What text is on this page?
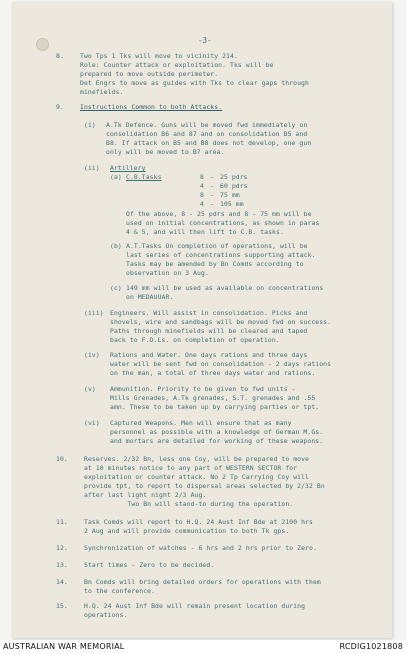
-3-
8.	Two Tps 1 Tks will move to vicinity 214.
Role: Counter attack or exploitation. Tks will be
prepared to move outside perimeter.
Det Engrs to move as guides with Tks to clear gaps through
minefields.
9.	Instructions Common to both Attacks.
(i) A.Tk Defence. Guns will be moved fwd immediately on
consolidation B6 and 87 and on consolidation B5 and
B8. If attack on B5 and B8 does not develop, one gun
only will be moved to B7 area.
(ii) Artillery
(a) C.B.Tasks	8 - 25 pdrs
4 - 60 pdrs
8 - 75 mm
4 - 105 mm
Of the above, 8 - 25 pdrs and 8 - 75 mm will be
used on initial concentrations, as shown in paras
4 & 5, and will then lift to C.B. tasks.
(b) A.T.Tasks On completion of operations, will be
last series of concentrations supporting attack.
Tasks may be amended by Bn Comds according to
observation on 3 Aug.
(c) 149 mm will be used as available on concentrations
on MEDAUUAR.
(iii) Engineers. Will assist in consolidation. Picks and
shovels, wire and sandbags will be moved fwd on success.
Paths through minefields will be cleared and taped
back to F.D.Ls. on completion of operation.
(iv) Rations and Water. One days rations and three days
water will be sent fwd on consolidation - 2 days rations
on the man, a total of three days water and rations.
(v) Ammunition. Priority to be given to fwd units -
Mills Grenades, A.Tk grenades, S.T. grenades and .55
amn. These to be taken up by carrying parties or tpt.
(vi) Captured Weapons. Men will ensure that as many
personnel as possible with a knowledge of German M.Gs.
and mortars are detailed for working of these weapons.
10.	Reserves. 2/32 Bn, less one Coy, will be prepared to move
at 10 minutes notice to any part of WESTERN SECTOR for
exploitation or counter attack. No 2 Tp Carrying Coy will
provide tpt, to report to dispersal areas selected by 2/32 Bn
after last light night 2/3 Aug.
Two Bn will stand-to during the operation.
11.	Task Comds will report to H.Q. 24 Aust Inf Bde at 2100 hrs
2 Aug and will provide communication to both Tk gps.
12.	Synchronization of watches - 6 hrs and 2 hrs prior to Zero.
13.	Start times - Zero to be decided.
14.	Bn Comds will bring detailed orders for operations with them
to the conference.
15.	H.Q. 24 Aust Inf Bde will remain present location during
operations.
AUSTRALIAN WAR MEMORIAL	RCDIG1021808
